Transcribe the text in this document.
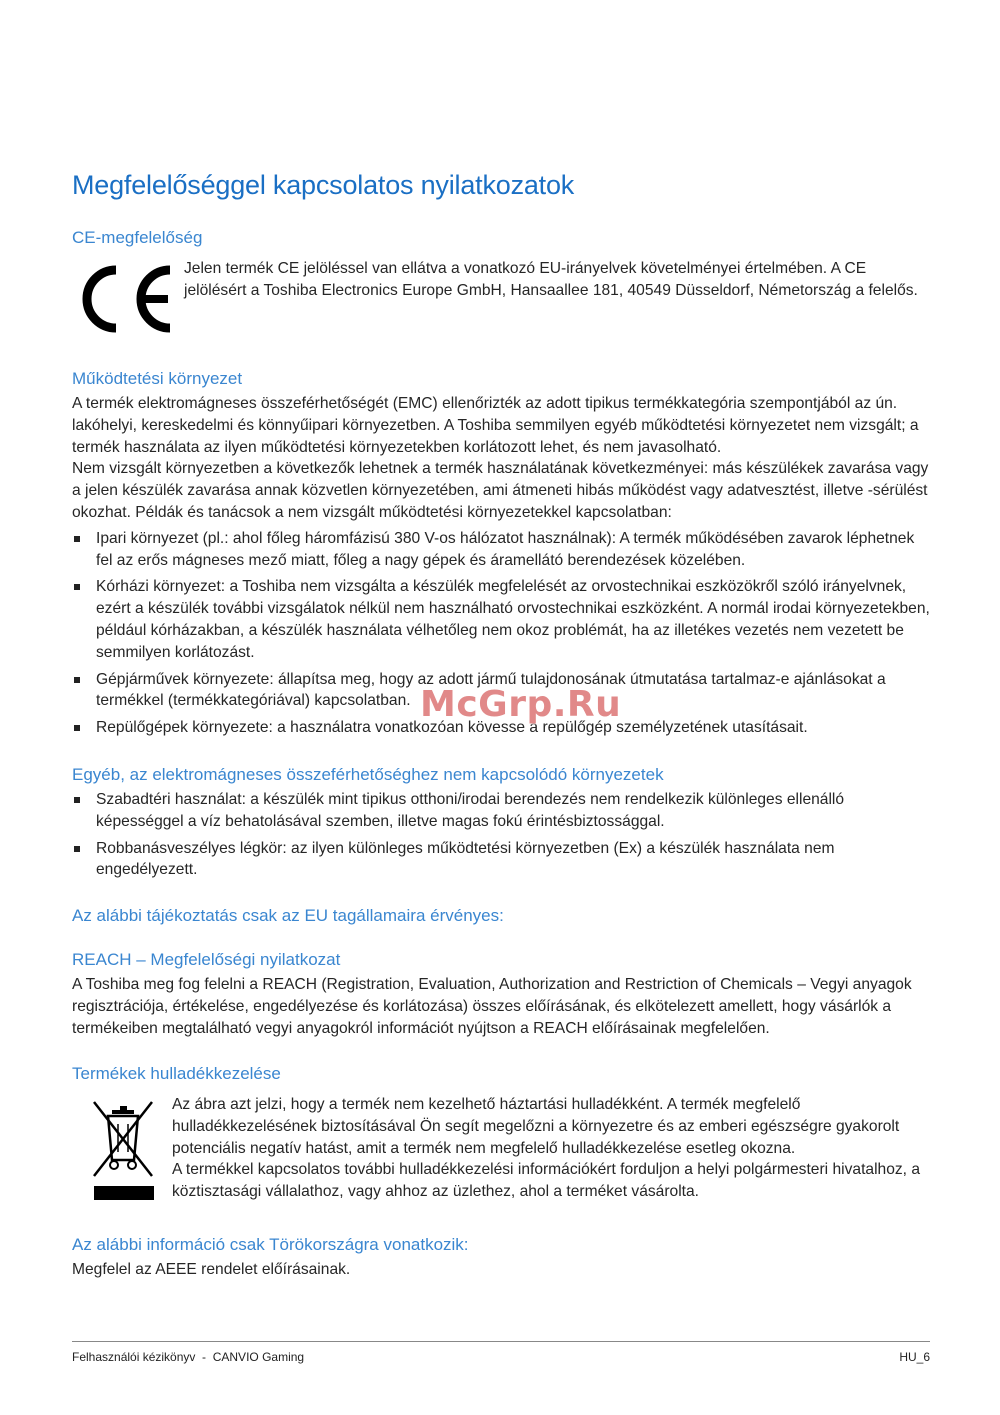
Megfelelőséggel kapcsolatos nyilatkozatok
CE-megfelelőség
Jelen termék CE jelöléssel van ellátva a vonatkozó EU-irányelvek követelményei értelmében. A CE jelölésért a Toshiba Electronics Europe GmbH, Hansaallee 181, 40549 Düsseldorf, Németország a felelős.
Működtetési környezet

A termék elektromágneses összeférhetőségét (EMC) ellenőrizték az adott tipikus termékkategória szempontjából az ún. lakóhelyi, kereskedelmi és könnyűipari környezetben. A Toshiba semmilyen egyéb működtetési környezetet nem vizsgált; a termék használata az ilyen működtetési környezetekben korlátozott lehet, és nem javasolható.

Nem vizsgált környezetben a következők lehetnek a termék használatának következményei: más készülékek zavarása vagy a jelen készülék zavarása annak közvetlen környezetében, ami átmeneti hibás működést vagy adatvesztést, illetve -sérülést okozhat. Példák és tanácsok a nem vizsgált működtetési környezetekkel kapcsolatban:

Ipari környezet (pl.: ahol főleg háromfázisú 380 V-os hálózatot használnak): A termék működésében zavarok léphetnek fel az erős mágneses mező miatt, főleg a nagy gépek és áramellátó berendezések közelében.
Kórházi környezet: a Toshiba nem vizsgálta a készülék megfelelését az orvostechnikai eszközökről szóló irányelvnek, ezért a készülék további vizsgálatok nélkül nem használható orvostechnikai eszközként. A normál irodai környezetekben, például kórházakban, a készülék használata vélhetőleg nem okoz problémát, ha az illetékes vezetés nem vezetett be semmilyen korlátozást.
Gépjárművek környezete: állapítsa meg, hogy az adott jármű tulajdonosának útmutatása tartalmaz-e ajánlásokat a termékkel (termékkategóriával) kapcsolatban.
Repülőgépek környezete: a használatra vonatkozóan kövesse a repülőgép személyzetének utasításait.
Egyéb, az elektromágneses összeférhetőséghez nem kapcsolódó környezetek
Szabadtéri használat: a készülék mint tipikus otthoni/irodai berendezés nem rendelkezik különleges ellenálló képességgel a víz behatolásával szemben, illetve magas fokú érintésbiztossággal.
Robbanásveszélyes légkör: az ilyen különleges működtetési környezetben (Ex) a készülék használata nem engedélyezett.
Az alábbi tájékoztatás csak az EU tagállamaira érvényes:
REACH – Megfelelőségi nyilatkozat

A Toshiba meg fog felelni a REACH (Registration, Evaluation, Authorization and Restriction of Chemicals – Vegyi anyagok regisztrációja, értékelése, engedélyezése és korlátozása) összes előírásának, és elkötelezett amellett, hogy vásárlók a termékeiben megtalálható vegyi anyagokról információt nyújtson a REACH előírásainak megfelelően.

Termékek hulladékkezelése

Az ábra azt jelzi, hogy a termék nem kezelhető háztartási hulladékként. A termék megfelelő hulladékkezelésének biztosításával Ön segít megelőzni a környezetre és az emberi egészségre gyakorolt potenciális negatív hatást, amit a termék nem megfelelő hulladékkezelése esetleg okozna.

A termékkel kapcsolatos további hulladékkezelési információkért forduljon a helyi polgármesteri hivatalhoz, a köztisztasági vállalathoz, vagy ahhoz az üzlethez, ahol a terméket vásárolta.

Az alábbi információ csak Törökországra vonatkozik:

Megfelel az AEEE rendelet előírásainak.

McGrp.Ru
Felhasználói kézikönyv  -  CANVIO Gaming	HU_6
